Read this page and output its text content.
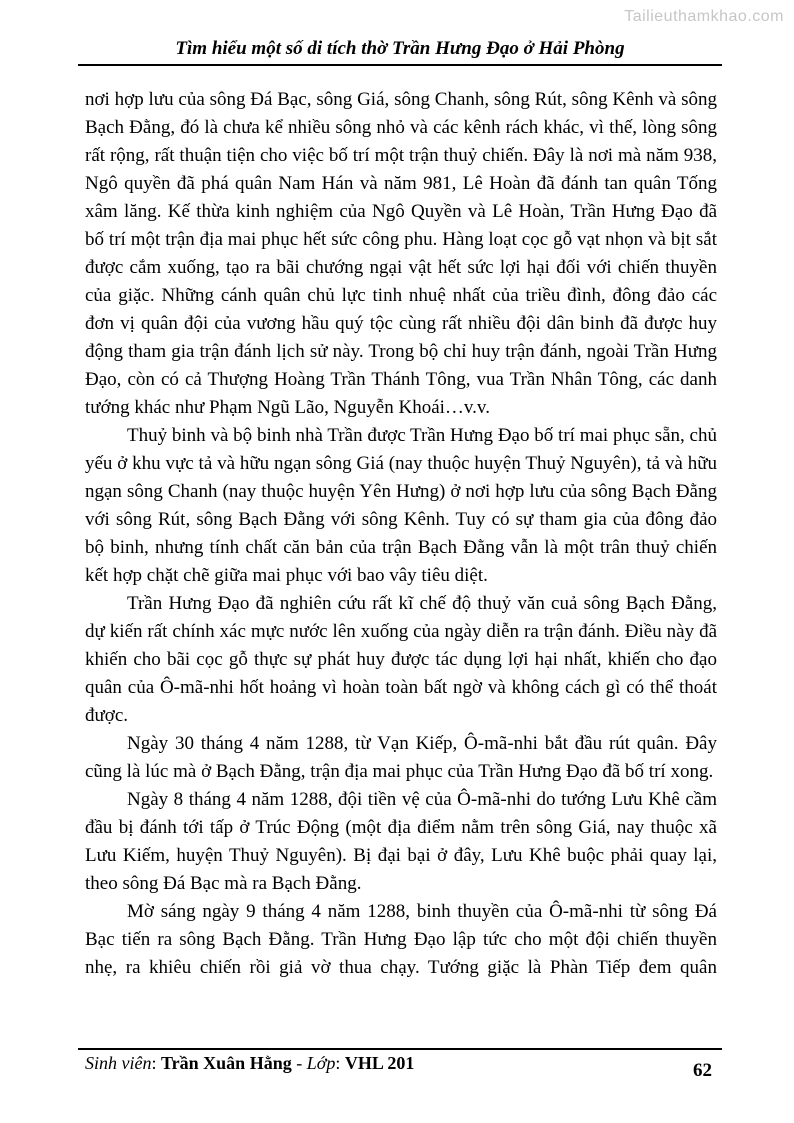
Tailieuthamkhao.com
Tìm hiểu một số di tích thờ Trần Hưng Đạo ở Hải Phòng

nơi hợp lưu của sông Đá Bạc, sông Giá, sông Chanh, sông Rút, sông Kênh và sông Bạch Đằng, đó là chưa kể nhiều sông nhỏ và các kênh rách khác, vì thế, lòng sông rất rộng, rất thuận tiện cho việc bố trí một trận thuỷ chiến. Đây là nơi mà năm 938, Ngô quyền đã phá quân Nam Hán và năm 981, Lê Hoàn đã đánh tan quân Tống xâm lăng. Kế thừa kinh nghiệm của Ngô Quyền và Lê Hoàn, Trần Hưng Đạo đã bố trí một trận địa mai phục hết sức công phu. Hàng loạt cọc gỗ vạt nhọn và bịt sắt được cắm xuống, tạo ra bãi chướng ngại vật hết sức lợi hại đối với chiến thuyền của giặc. Những cánh quân chủ lực tinh nhuệ nhất của triều đình, đông đảo các đơn vị quân đội của vương hầu quý tộc cùng rất nhiều đội dân binh đã được huy động tham gia trận đánh lịch sử này. Trong bộ chỉ huy trận đánh, ngoài Trần Hưng Đạo, còn có cả Thượng Hoàng Trần Thánh Tông, vua Trần Nhân Tông, các danh tướng khác như Phạm Ngũ Lão, Nguyễn Khoái…v.v.

Thuỷ binh và bộ binh nhà Trần được Trần Hưng Đạo bố trí mai phục sẵn, chủ yếu ở khu vực tả và hữu ngạn sông Giá (nay thuộc huyện Thuỷ Nguyên), tả và hữu ngạn sông Chanh (nay thuộc huyện Yên Hưng) ở nơi hợp lưu của sông Bạch Đằng với sông Rút, sông Bạch Đằng với sông Kênh. Tuy có sự tham gia của đông đảo bộ binh, nhưng tính chất căn bản của trận Bạch Đằng vẫn là một trân thuỷ chiến kết hợp chặt chẽ giữa mai phục với bao vây tiêu diệt.

Trần Hưng Đạo đã nghiên cứu rất kĩ chế độ thuỷ văn cuả sông Bạch Đằng, dự kiến rất chính xác mực nước lên xuống của ngày diễn ra trận đánh. Điều này đã khiến cho bãi cọc gỗ thực sự phát huy được tác dụng lợi hại nhất, khiến cho đạo quân của Ô-mã-nhi hốt hoảng vì hoàn toàn bất ngờ và không cách gì có thể thoát được.

Ngày 30 tháng 4 năm 1288, từ Vạn Kiếp, Ô-mã-nhi bắt đầu rút quân. Đây cũng là lúc mà ở Bạch Đằng, trận địa mai phục của Trần Hưng Đạo đã bố trí xong.

Ngày 8 tháng 4 năm 1288, đội tiền vệ của Ô-mã-nhi do tướng Lưu Khê cầm đầu bị đánh tới tấp ở Trúc Động (một địa điểm nằm trên sông Giá, nay thuộc xã Lưu Kiếm, huyện Thuỷ Nguyên). Bị đại bại ở đây, Lưu Khê buộc phải quay lại, theo sông Đá Bạc mà ra Bạch Đằng.

Mờ sáng ngày 9 tháng 4 năm 1288, binh thuyền của Ô-mã-nhi từ sông Đá Bạc tiến ra sông Bạch Đằng. Trần Hưng Đạo lập tức cho một đội chiến thuyền nhẹ, ra khiêu chiến rồi giả vờ thua chạy. Tướng giặc là Phàn Tiếp đem quân

Sinh viên: Trần Xuân Hằng - Lớp: VHL 201	62
